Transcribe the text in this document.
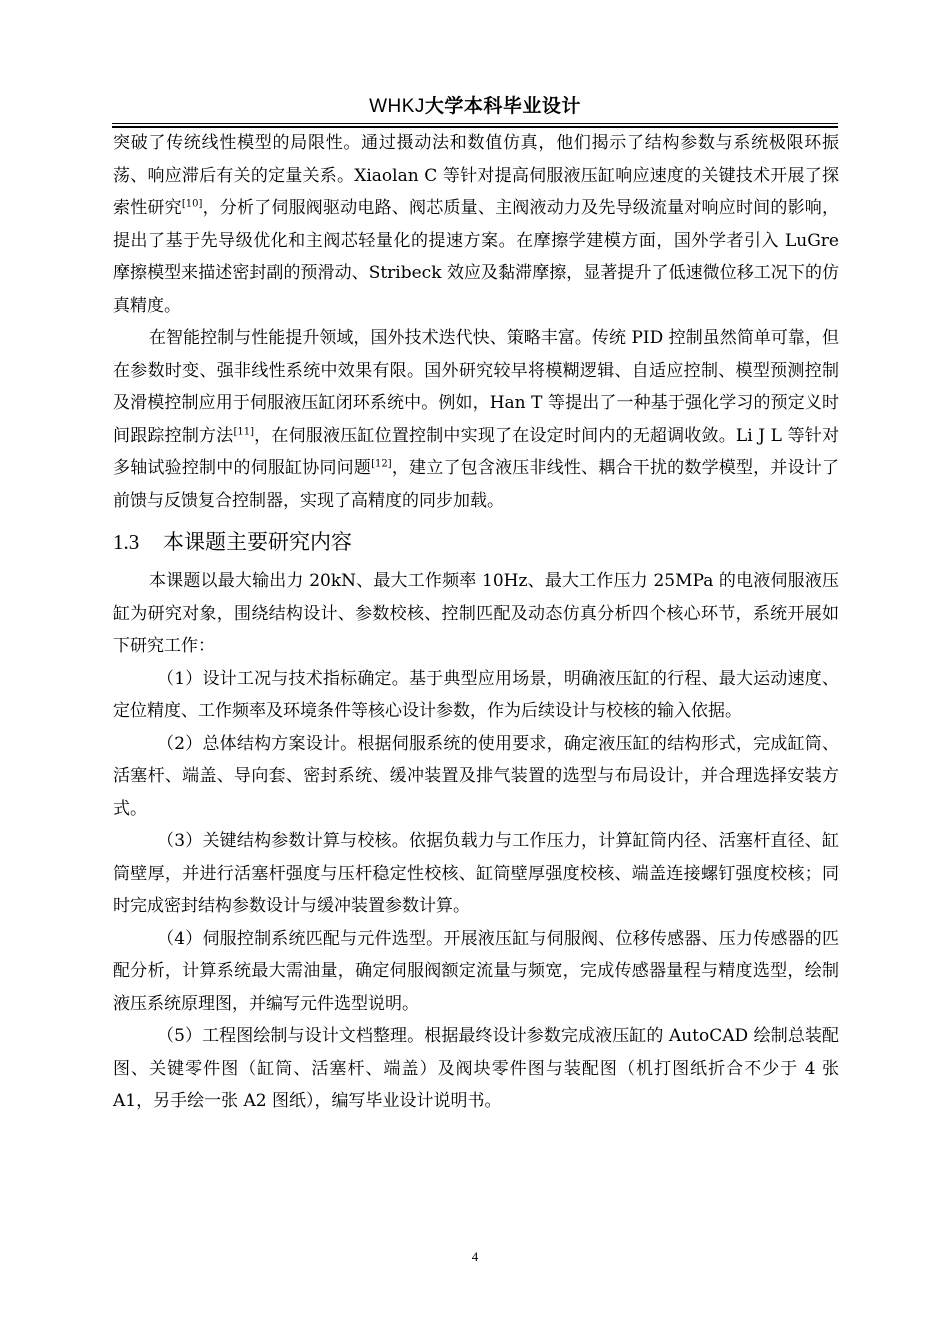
WHKJ大学本科毕业设计

突破了传统线性模型的局限性。通过摄动法和数值仿真，他们揭示了结构参数与系统极限环振荡、响应滞后有关的定量关系。Xiaolan C 等针对提高伺服液压缸响应速度的关键技术开展了探索性研究[10]，分析了伺服阀驱动电路、阀芯质量、主阀液动力及先导级流量对响应时间的影响，提出了基于先导级优化和主阀芯轻量化的提速方案。在摩擦学建模方面，国外学者引入 LuGre 摩擦模型来描述密封副的预滑动、Stribeck 效应及黏滞摩擦，显著提升了低速微位移工况下的仿真精度。

在智能控制与性能提升领域，国外技术迭代快、策略丰富。传统 PID 控制虽然简单可靠，但在参数时变、强非线性系统中效果有限。国外研究较早将模糊逻辑、自适应控制、模型预测控制及滑模控制应用于伺服液压缸闭环系统中。例如，Han T 等提出了一种基于强化学习的预定义时间跟踪控制方法[11]，在伺服液压缸位置控制中实现了在设定时间内的无超调收敛。Li J L 等针对多轴试验控制中的伺服缸协同问题[12]，建立了包含液压非线性、耦合干扰的数学模型，并设计了前馈与反馈复合控制器，实现了高精度的同步加载。

1.3 本课题主要研究内容

本课题以最大输出力 20kN、最大工作频率 10Hz、最大工作压力 25MPa 的电液伺服液压缸为研究对象，围绕结构设计、参数校核、控制匹配及动态仿真分析四个核心环节，系统开展如下研究工作：

（1）设计工况与技术指标确定。基于典型应用场景，明确液压缸的行程、最大运动速度、定位精度、工作频率及环境条件等核心设计参数，作为后续设计与校核的输入依据。

（2）总体结构方案设计。根据伺服系统的使用要求，确定液压缸的结构形式，完成缸筒、活塞杆、端盖、导向套、密封系统、缓冲装置及排气装置的选型与布局设计，并合理选择安装方式。

（3）关键结构参数计算与校核。依据负载力与工作压力，计算缸筒内径、活塞杆直径、缸筒壁厚，并进行活塞杆强度与压杆稳定性校核、缸筒壁厚强度校核、端盖连接螺钉强度校核；同时完成密封结构参数设计与缓冲装置参数计算。

（4）伺服控制系统匹配与元件选型。开展液压缸与伺服阀、位移传感器、压力传感器的匹配分析，计算系统最大需油量，确定伺服阀额定流量与频宽，完成传感器量程与精度选型，绘制液压系统原理图，并编写元件选型说明。

（5）工程图绘制与设计文档整理。根据最终设计参数完成液压缸的 AutoCAD 绘制总装配图、关键零件图（缸筒、活塞杆、端盖）及阀块零件图与装配图（机打图纸折合不少于 4 张 A1，另手绘一张 A2 图纸），编写毕业设计说明书。

4
